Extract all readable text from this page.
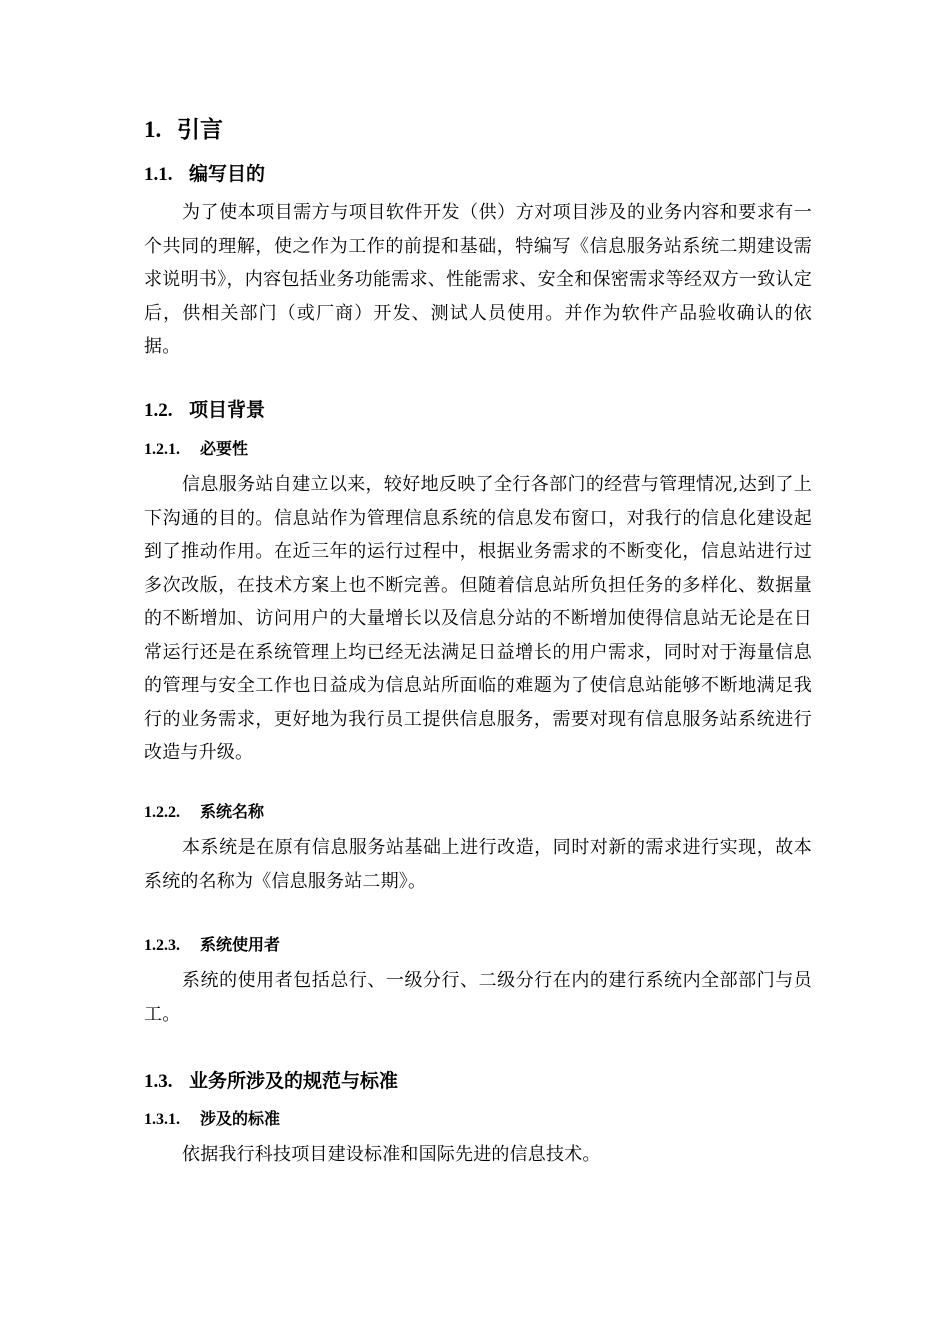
1. 引言
1.1. 编写目的

为了使本项目需方与项目软件开发（供）方对项目涉及的业务内容和要求有一个共同的理解，使之作为工作的前提和基础，特编写《信息服务站系统二期建设需求说明书》，内容包括业务功能需求、性能需求、安全和保密需求等经双方一致认定后，供相关部门（或厂商）开发、测试人员使用。并作为软件产品验收确认的依据。

1.2. 项目背景
1.2.1. 必要性

信息服务站自建立以来，较好地反映了全行各部门的经营与管理情况,达到了上下沟通的目的。信息站作为管理信息系统的信息发布窗口，对我行的信息化建设起到了推动作用。在近三年的运行过程中，根据业务需求的不断变化，信息站进行过多次改版，在技术方案上也不断完善。但随着信息站所负担任务的多样化、数据量的不断增加、访问用户的大量增长以及信息分站的不断增加使得信息站无论是在日常运行还是在系统管理上均已经无法满足日益增长的用户需求，同时对于海量信息的管理与安全工作也日益成为信息站所面临的难题为了使信息站能够不断地满足我行的业务需求，更好地为我行员工提供信息服务，需要对现有信息服务站系统进行改造与升级。

1.2.2. 系统名称

本系统是在原有信息服务站基础上进行改造，同时对新的需求进行实现，故本系统的名称为《信息服务站二期》。

1.2.3. 系统使用者

系统的使用者包括总行、一级分行、二级分行在内的建行系统内全部部门与员工。

1.3. 业务所涉及的规范与标准
1.3.1. 涉及的标准

依据我行科技项目建设标准和国际先进的信息技术。
